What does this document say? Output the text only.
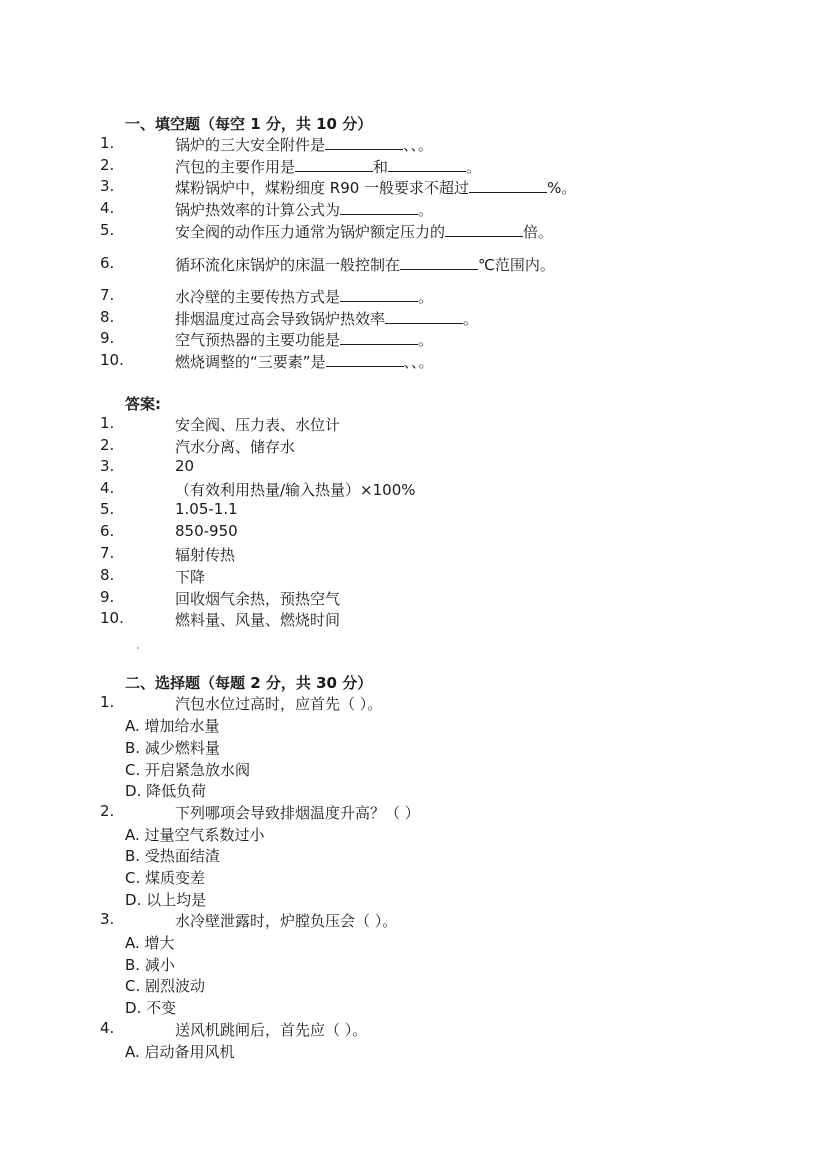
一、填空题（每空 1 分，共 10 分）
1.	锅炉的三大安全附件是	、、。
2.	汽包的主要作用是	和	。
3.	煤粉锅炉中，煤粉细度 R90 一般要求不超过	%。
4.	锅炉热效率的计算公式为	。
5.	安全阀的动作压力通常为锅炉额定压力的	倍。
6.	循环流化床锅炉的床温一般控制在	℃范围内。
7.	水冷壁的主要传热方式是	。
8.	排烟温度过高会导致锅炉热效率	。
9.	空气预热器的主要功能是	。
10.	燃烧调整的“三要素”是	、、。
答案:
1.	安全阀、压力表、水位计
2.	汽水分离、储存水
3.	20
4.	（有效利用热量/输入热量）×100%
5.	1.05-1.1
6.	850-950
7.	辐射传热
8.	下降
9.	回收烟气余热，预热空气
10.	燃料量、风量、燃烧时间
二、选择题（每题 2 分，共 30 分）
1.	汽包水位过高时，应首先（ ）。
A. 增加给水量
B. 减少燃料量
C. 开启紧急放水阀
D. 降低负荷
2.	下列哪项会导致排烟温度升高？（ ）
A. 过量空气系数过小
B. 受热面结渣
C. 煤质变差
D. 以上均是
3.	水冷壁泄露时，炉膛负压会（ ）。
A. 增大
B. 减小
C. 剧烈波动
D. 不变
4.	送风机跳闸后，首先应（ ）。
A. 启动备用风机
